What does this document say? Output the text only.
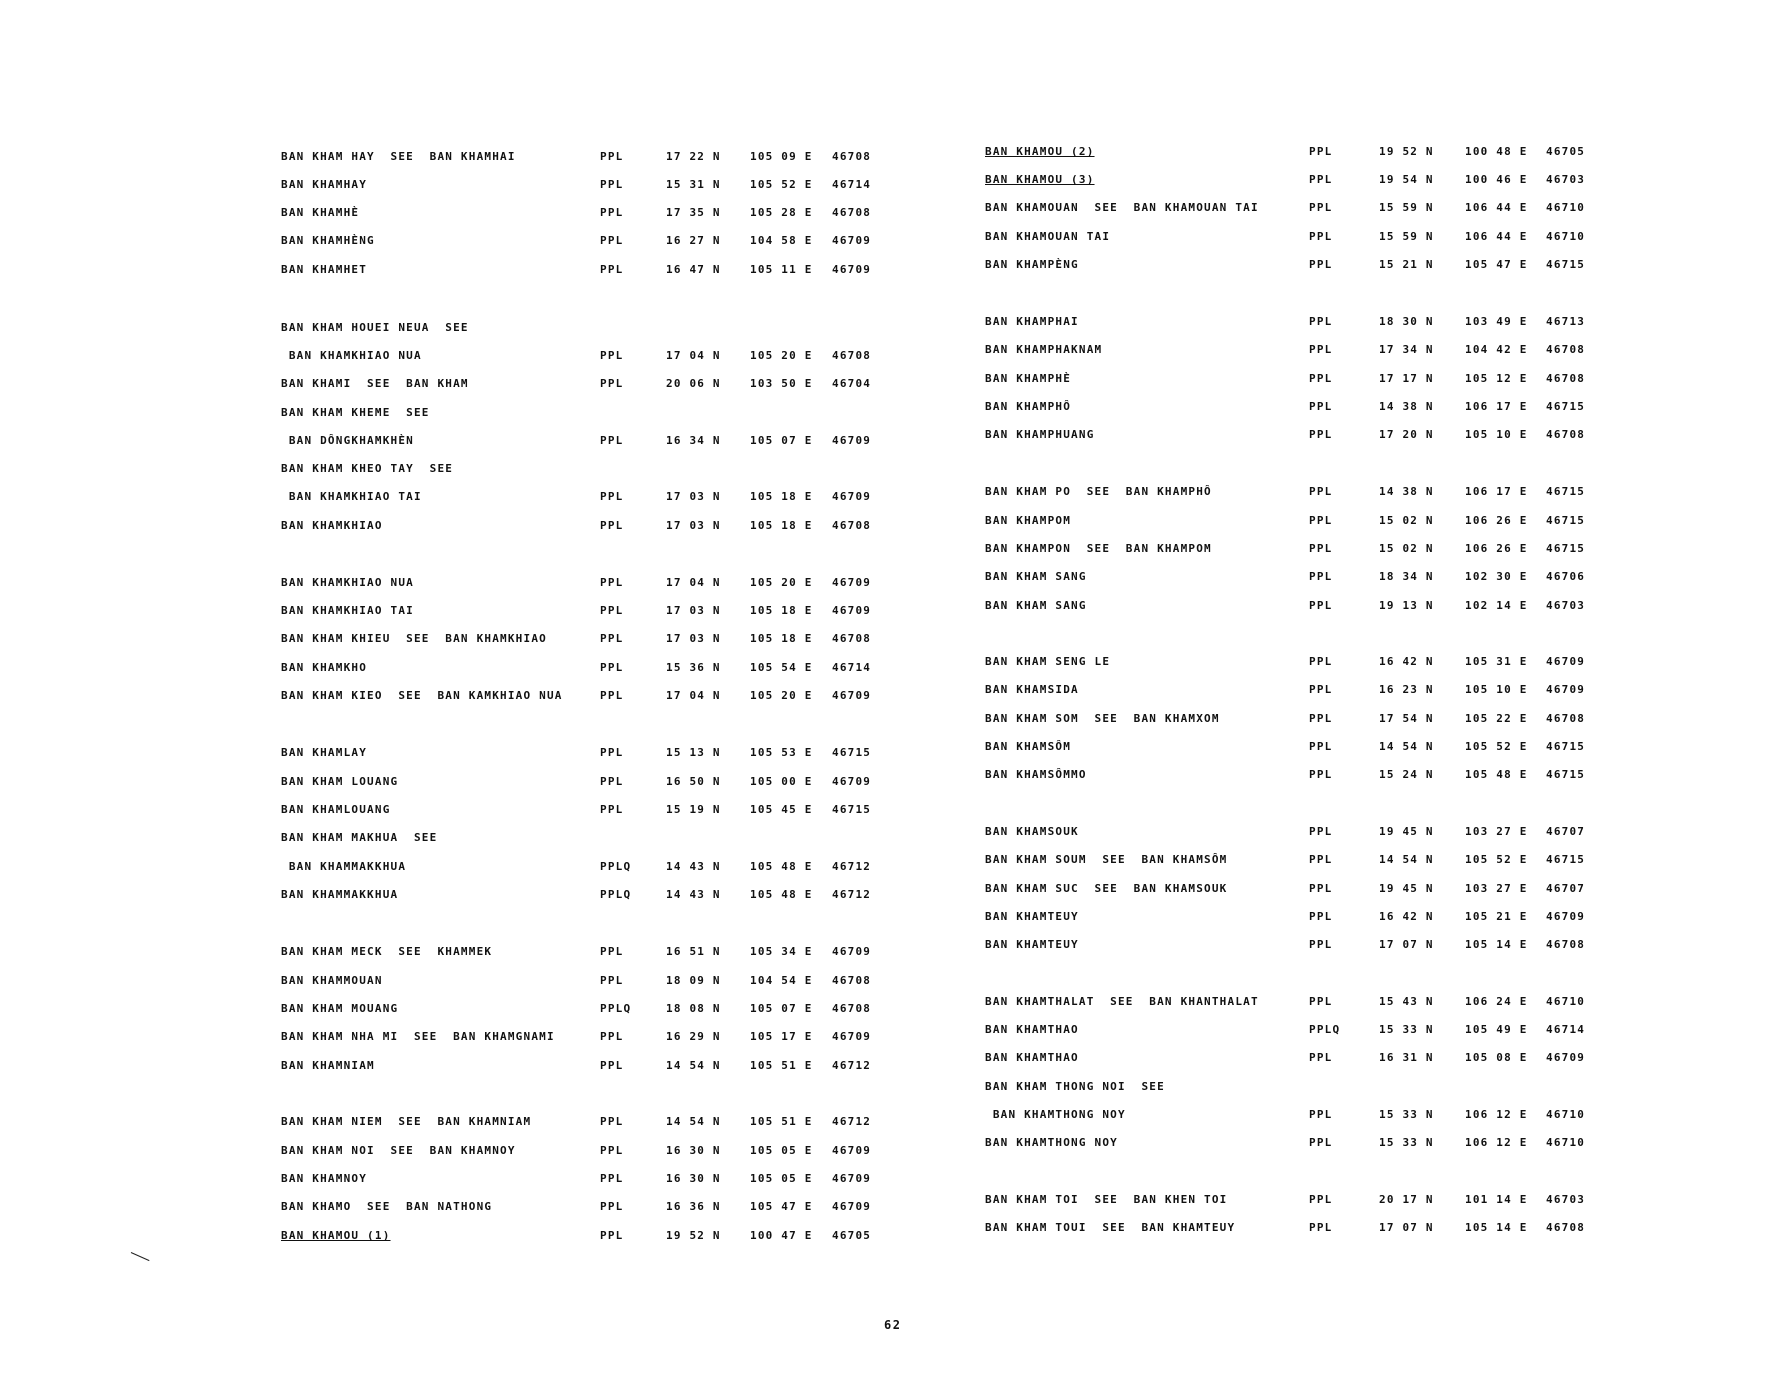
BAN KHAM HAY  SEE  BAN KHAMHAI	PPL	17 22 N	105 09 E 46708
BAN KHAMHAY	PPL	15 31 N	105 52 E 46714
BAN KHAMHÈ	PPL	17 35 N	105 28 E 46708
BAN KHAMHÈNG	PPL	16 27 N	104 58 E 46709
BAN KHAMHET	PPL	16 47 N	105 11 E 46709
BAN KHAM HOUEI NEUA  SEE
BAN KHAMKHIAO NUA	PPL	17 04 N	105 20 E 46708
BAN KHAMI  SEE  BAN KHAM	PPL	20 06 N	103 50 E 46704
BAN KHAM KHEME  SEE
BAN DÔNGKHAMKHÈN	PPL	16 34 N	105 07 E 46709
BAN KHAM KHEO TAY  SEE
BAN KHAMKHIAO TAI	PPL	17 03 N	105 18 E 46709
BAN KHAMKHIAO	PPL	17 03 N	105 18 E 46708
BAN KHAMKHIAO NUA	PPL	17 04 N	105 20 E 46709
BAN KHAMKHIAO TAI	PPL	17 03 N	105 18 E 46709
BAN KHAM KHIEU  SEE  BAN KHAMKHIAO	PPL	17 03 N	105 18 E 46708
BAN KHAMKHO	PPL	15 36 N	105 54 E 46714
BAN KHAM KIEO  SEE  BAN KAMKHIAO NUA	PPL	17 04 N	105 20 E 46709
BAN KHAMLAY	PPL	15 13 N	105 53 E 46715
BAN KHAM LOUANG	PPL	16 50 N	105 00 E 46709
BAN KHAMLOUANG	PPL	15 19 N	105 45 E 46715
BAN KHAM MAKHUA  SEE
BAN KHAMMAKKHUA	PPLQ	14 43 N	105 48 E 46712
BAN KHAMMAKKHUA	PPLQ	14 43 N	105 48 E 46712
BAN KHAM MECK  SEE  KHAMMEK	PPL	16 51 N	105 34 E 46709
BAN KHAMMOUAN	PPL	18 09 N	104 54 E 46708
BAN KHAM MOUANG	PPLQ	18 08 N	105 07 E 46708
BAN KHAM NHA MI  SEE  BAN KHAMGNAMI	PPL	16 29 N	105 17 E 46709
BAN KHAMNIAM	PPL	14 54 N	105 51 E 46712
BAN KHAM NIEM  SEE  BAN KHAMNIAM	PPL	14 54 N	105 51 E 46712
BAN KHAM NOI  SEE  BAN KHAMNOY	PPL	16 30 N	105 05 E 46709
BAN KHAMNOY	PPL	16 30 N	105 05 E 46709
BAN KHAMO  SEE  BAN NATHONG	PPL	16 36 N	105 47 E 46709
BAN KHAMOU (1)	PPL	19 52 N	100 47 E 46705
BAN KHAMOU (2)	PPL	19 52 N	100 48 E 46705
BAN KHAMOU (3)	PPL	19 54 N	100 46 E 46703
BAN KHAMOUAN  SEE  BAN KHAMOUAN TAI	PPL	15 59 N	106 44 E 46710
BAN KHAMOUAN TAI	PPL	15 59 N	106 44 E 46710
BAN KHAMPÈNG	PPL	15 21 N	105 47 E 46715
BAN KHAMPHAI	PPL	18 30 N	103 49 E 46713
BAN KHAMPHAKNAM	PPL	17 34 N	104 42 E 46708
BAN KHAMPHÈ	PPL	17 17 N	105 12 E 46708
BAN KHAMPHÔ	PPL	14 38 N	106 17 E 46715
BAN KHAMPHUANG	PPL	17 20 N	105 10 E 46708
BAN KHAM PO  SEE  BAN KHAMPHÔ	PPL	14 38 N	106 17 E 46715
BAN KHAMPOM	PPL	15 02 N	106 26 E 46715
BAN KHAMPON  SEE  BAN KHAMPOM	PPL	15 02 N	106 26 E 46715
BAN KHAM SANG	PPL	18 34 N	102 30 E 46706
BAN KHAM SANG	PPL	19 13 N	102 14 E 46703
BAN KHAM SENG LE	PPL	16 42 N	105 31 E 46709
BAN KHAMSIDA	PPL	16 23 N	105 10 E 46709
BAN KHAM SOM  SEE  BAN KHAMXOM	PPL	17 54 N	105 22 E 46708
BAN KHAMSÔM	PPL	14 54 N	105 52 E 46715
BAN KHAMSÔMMO	PPL	15 24 N	105 48 E 46715
BAN KHAMSOUK	PPL	19 45 N	103 27 E 46707
BAN KHAM SOUM  SEE  BAN KHAMSÔM	PPL	14 54 N	105 52 E 46715
BAN KHAM SUC  SEE  BAN KHAMSOUK	PPL	19 45 N	103 27 E 46707
BAN KHAMTEUY	PPL	16 42 N	105 21 E 46709
BAN KHAMTEUY	PPL	17 07 N	105 14 E 46708
BAN KHAMTHALAT  SEE  BAN KHANTHALAT	PPL	15 43 N	106 24 E 46710
BAN KHAMTHAO	PPLQ	15 33 N	105 49 E 46714
BAN KHAMTHAO	PPL	16 31 N	105 08 E 46709
BAN KHAM THONG NOI  SEE
BAN KHAMTHONG NOY	PPL	15 33 N	106 12 E 46710
BAN KHAMTHONG NOY	PPL	15 33 N	106 12 E 46710
BAN KHAM TOI  SEE  BAN KHEN TOI	PPL	20 17 N	101 14 E 46703
BAN KHAM TOUI  SEE  BAN KHAMTEUY	PPL	17 07 N	105 14 E 46708
62
